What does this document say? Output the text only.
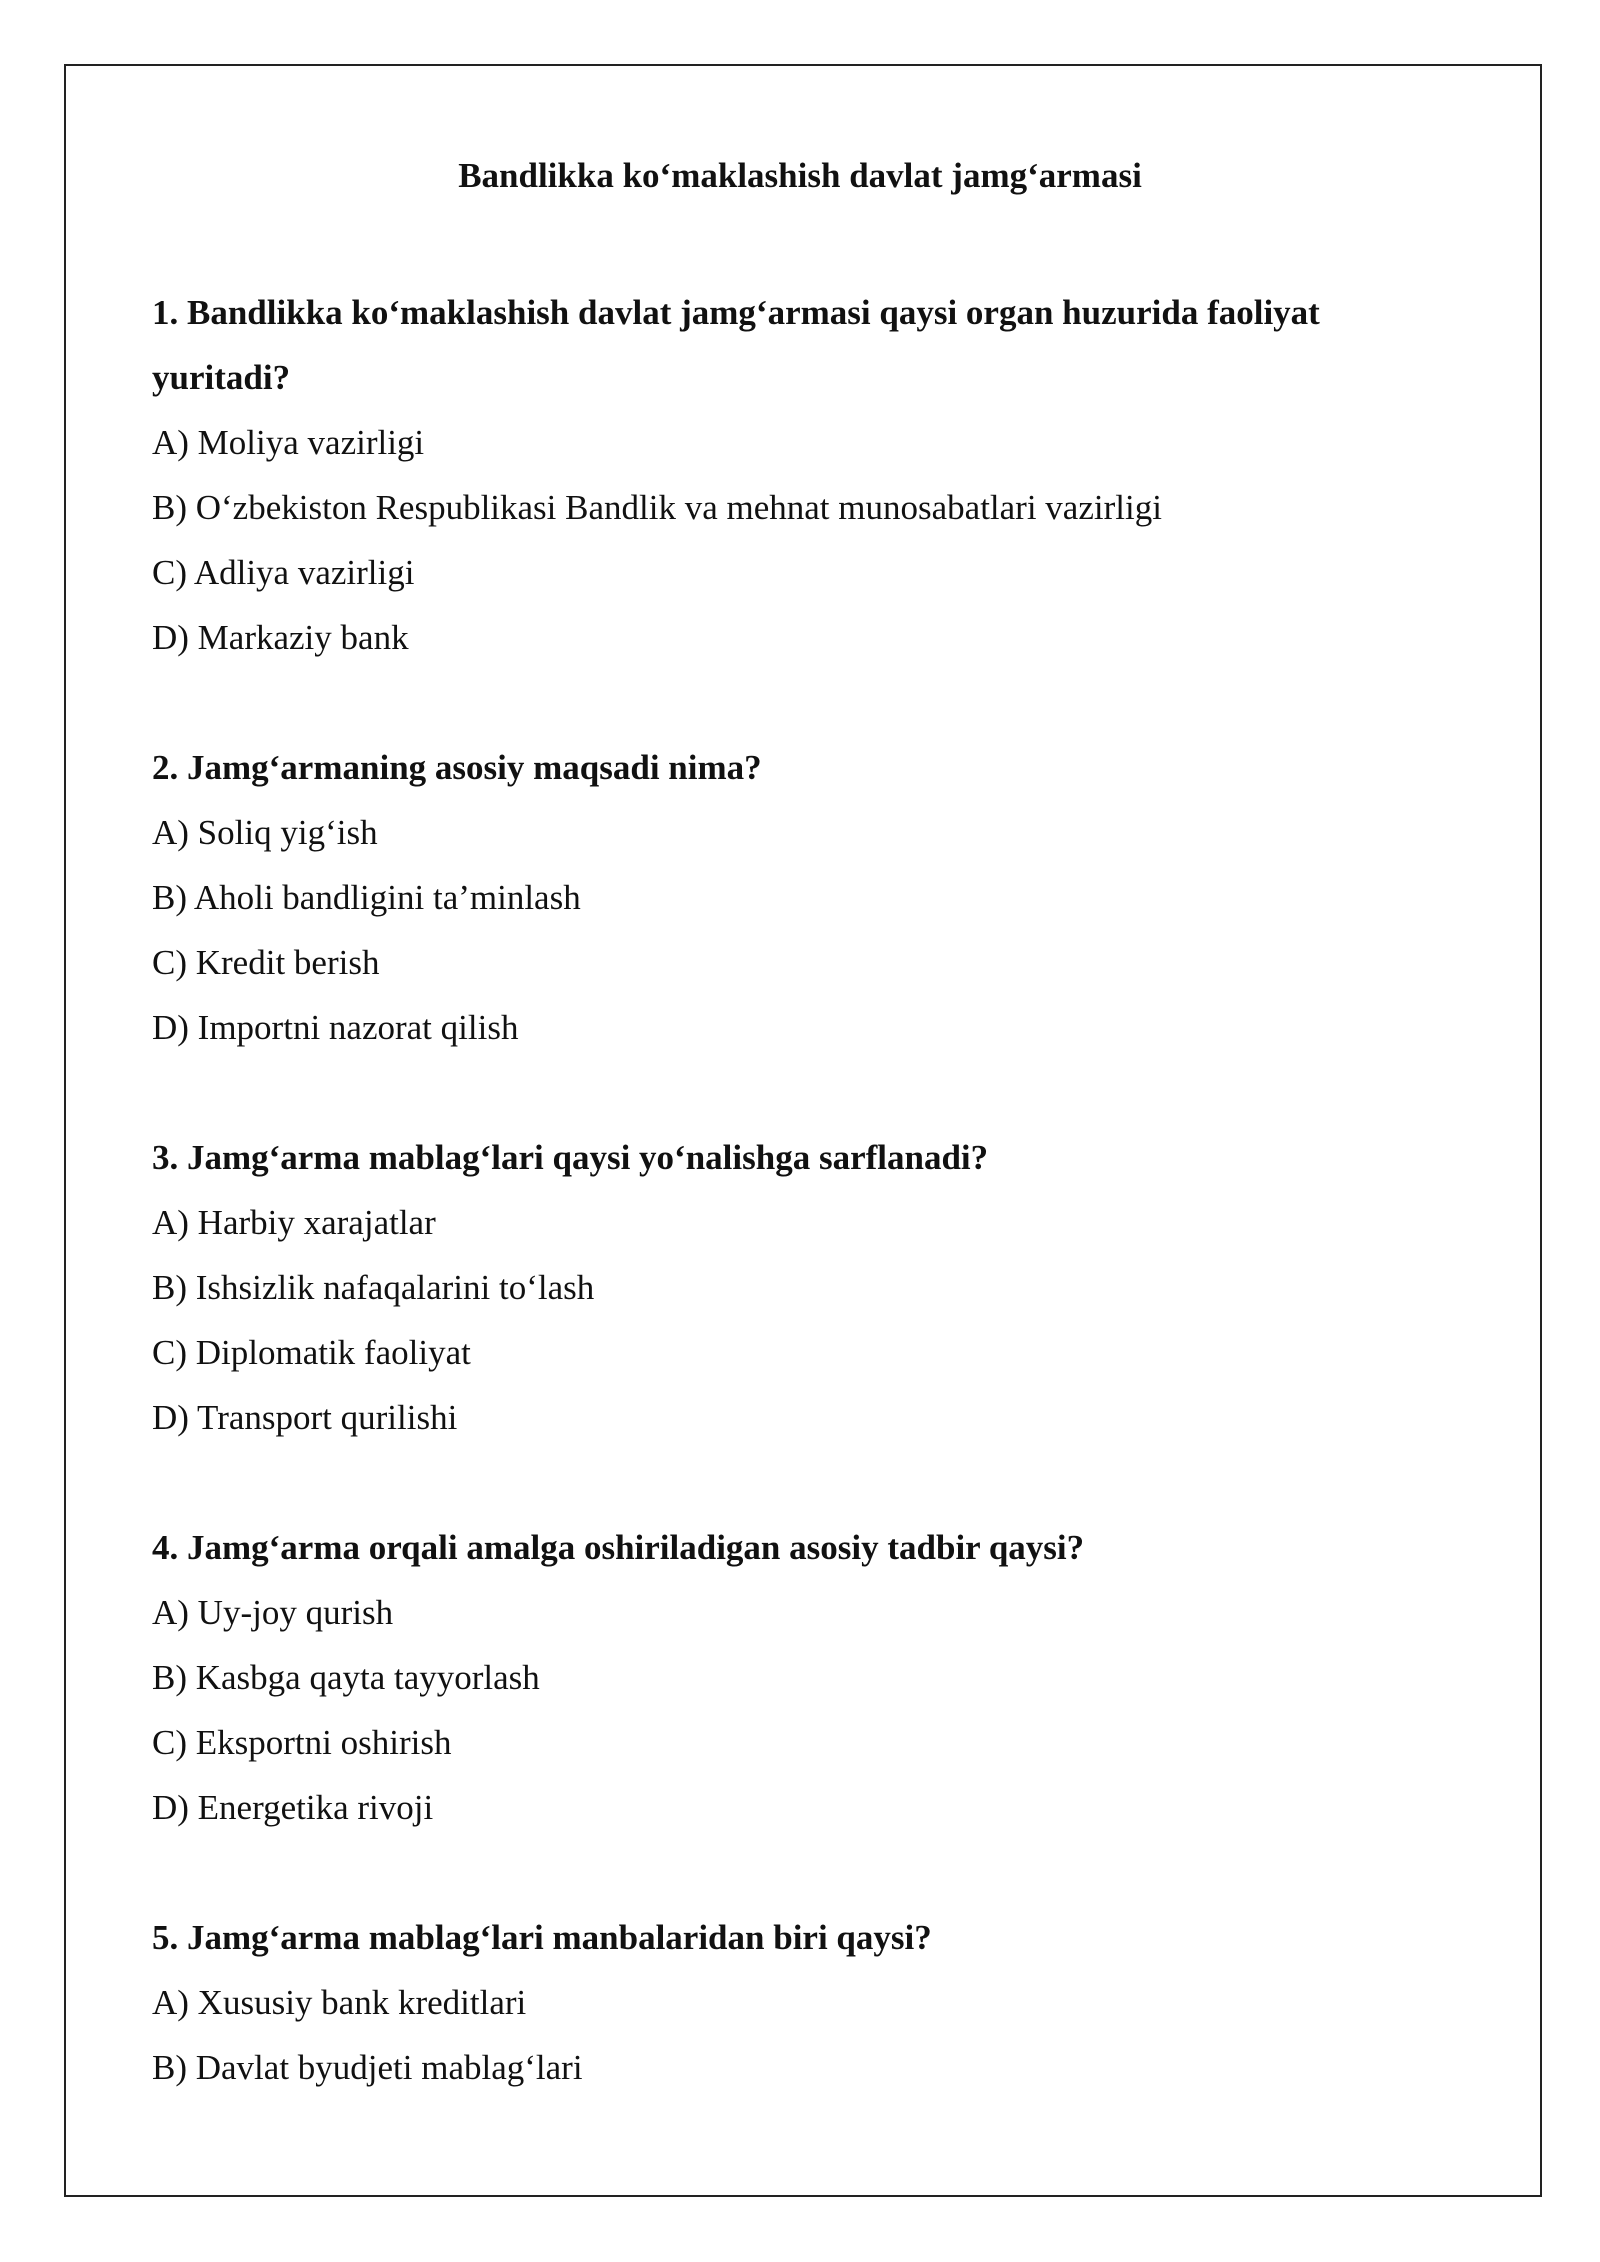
Bandlikka ko‘maklashish davlat jamg‘armasi

1. Bandlikka ko‘maklashish davlat jamg‘armasi qaysi organ huzurida faoliyat yuritadi?

A) Moliya vazirligi

B) O‘zbekiston Respublikasi Bandlik va mehnat munosabatlari vazirligi

C) Adliya vazirligi

D) Markaziy bank

2. Jamg‘armaning asosiy maqsadi nima?

A) Soliq yig‘ish

B) Aholi bandligini ta’minlash

C) Kredit berish

D) Importni nazorat qilish

3. Jamg‘arma mablag‘lari qaysi yo‘nalishga sarflanadi?

A) Harbiy xarajatlar

B) Ishsizlik nafaqalarini to‘lash

C) Diplomatik faoliyat

D) Transport qurilishi

4. Jamg‘arma orqali amalga oshiriladigan asosiy tadbir qaysi?

A) Uy-joy qurish

B) Kasbga qayta tayyorlash

C) Eksportni oshirish

D) Energetika rivoji

5. Jamg‘arma mablag‘lari manbalaridan biri qaysi?

A) Xususiy bank kreditlari

B) Davlat byudjeti mablag‘lari
